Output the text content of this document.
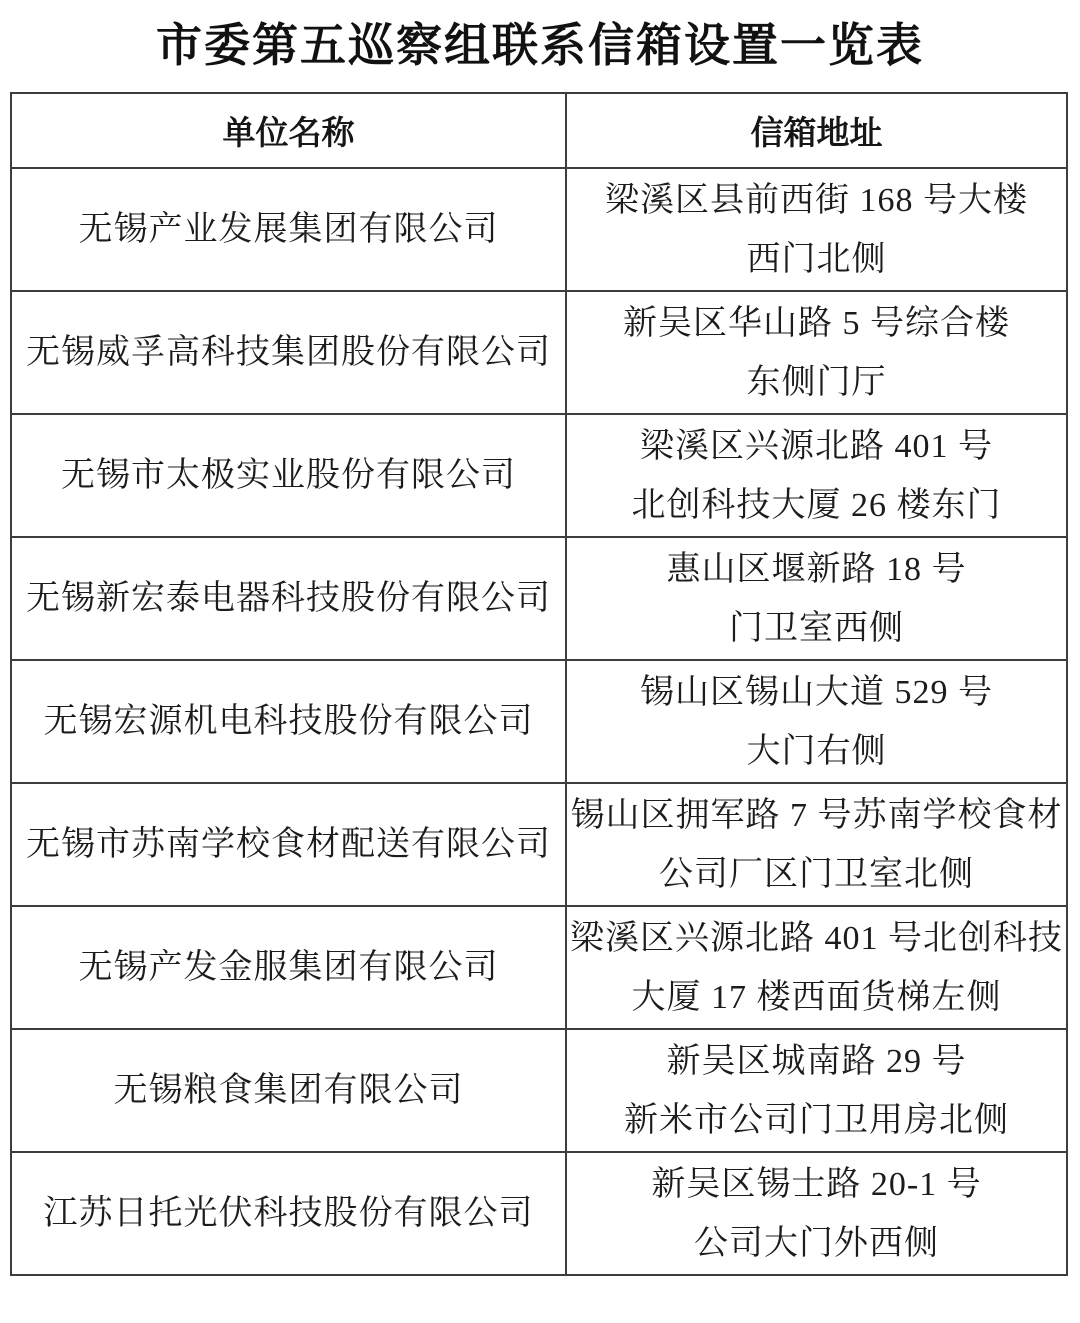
市委第五巡察组联系信箱设置一览表
单位名称	信箱地址

无锡产业发展集团有限公司	梁溪区县前西街 168 号大楼
西门北侧

无锡威孚高科技集团股份有限公司	新吴区华山路 5 号综合楼
东侧门厅

无锡市太极实业股份有限公司	梁溪区兴源北路 401 号
北创科技大厦 26 楼东门

无锡新宏泰电器科技股份有限公司	惠山区堰新路 18 号
门卫室西侧

无锡宏源机电科技股份有限公司	锡山区锡山大道 529 号
大门右侧

无锡市苏南学校食材配送有限公司	锡山区拥军路 7 号苏南学校食材
公司厂区门卫室北侧

无锡产发金服集团有限公司	梁溪区兴源北路 401 号北创科技
大厦 17 楼西面货梯左侧

无锡粮食集团有限公司	新吴区城南路 29 号
新米市公司门卫用房北侧

江苏日托光伏科技股份有限公司	新吴区锡士路 20-1 号
公司大门外西侧
